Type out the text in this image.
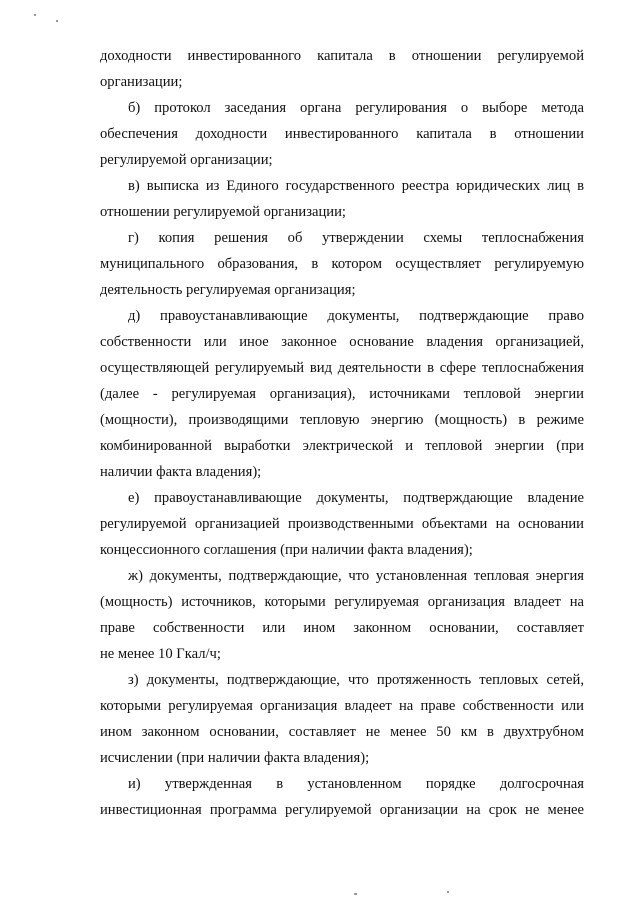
доходности инвестированного капитала в отношении регулируемой
организации;
б) протокол заседания органа регулирования о выборе метода
обеспечения доходности инвестированного капитала в отношении
регулируемой организации;
в) выписка из Единого государственного реестра юридических лиц в
отношении регулируемой организации;
г) копия решения об утверждении схемы теплоснабжения
муниципального образования, в котором осуществляет регулируемую
деятельность регулируемая организация;
д) правоустанавливающие документы, подтверждающие право
собственности или иное законное основание владения организацией,
осуществляющей регулируемый вид деятельности в сфере теплоснабжения
(далее - регулируемая организация), источниками тепловой энергии
(мощности), производящими тепловую энергию (мощность) в режиме
комбинированной выработки электрической и тепловой энергии (при
наличии факта владения);
е) правоустанавливающие документы, подтверждающие владение
регулируемой организацией производственными объектами на основании
концессионного соглашения (при наличии факта владения);
ж) документы, подтверждающие, что установленная тепловая энергия
(мощность) источников, которыми регулируемая организация владеет на
праве собственности или ином законном основании, составляет
не менее 10 Гкал/ч;
з) документы, подтверждающие, что протяженность тепловых сетей,
которыми регулируемая организация владеет на праве собственности или
ином законном основании, составляет не менее 50 км в двухтрубном
исчислении (при наличии факта владения);
и) утвержденная в установленном порядке долгосрочная
инвестиционная программа регулируемой организации на срок не менее
